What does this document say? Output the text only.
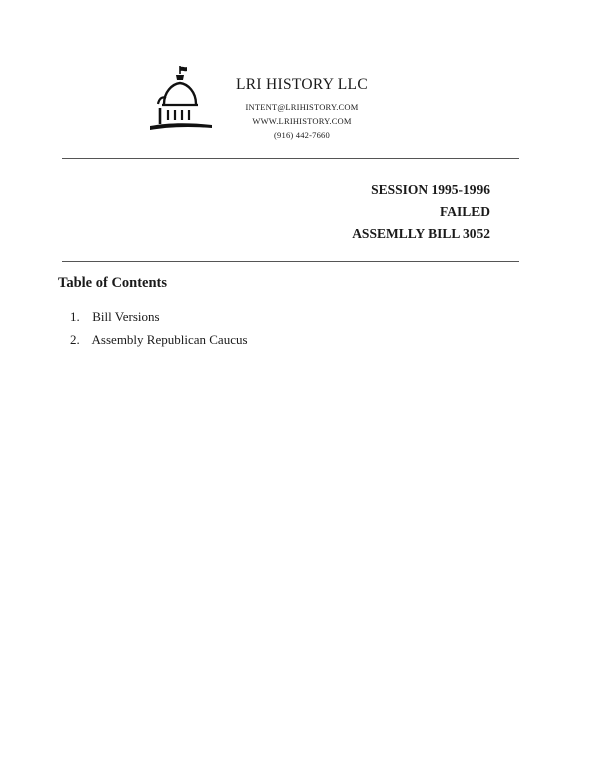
LRI HISTORY LLC
INTENT@LRIHISTORY.COM
WWW.LRIHISTORY.COM
(916) 442-7660
SESSION 1995-1996
FAILED
ASSEMLLY BILL 3052
Table of Contents
1. Bill Versions
2. Assembly Republican Caucus
